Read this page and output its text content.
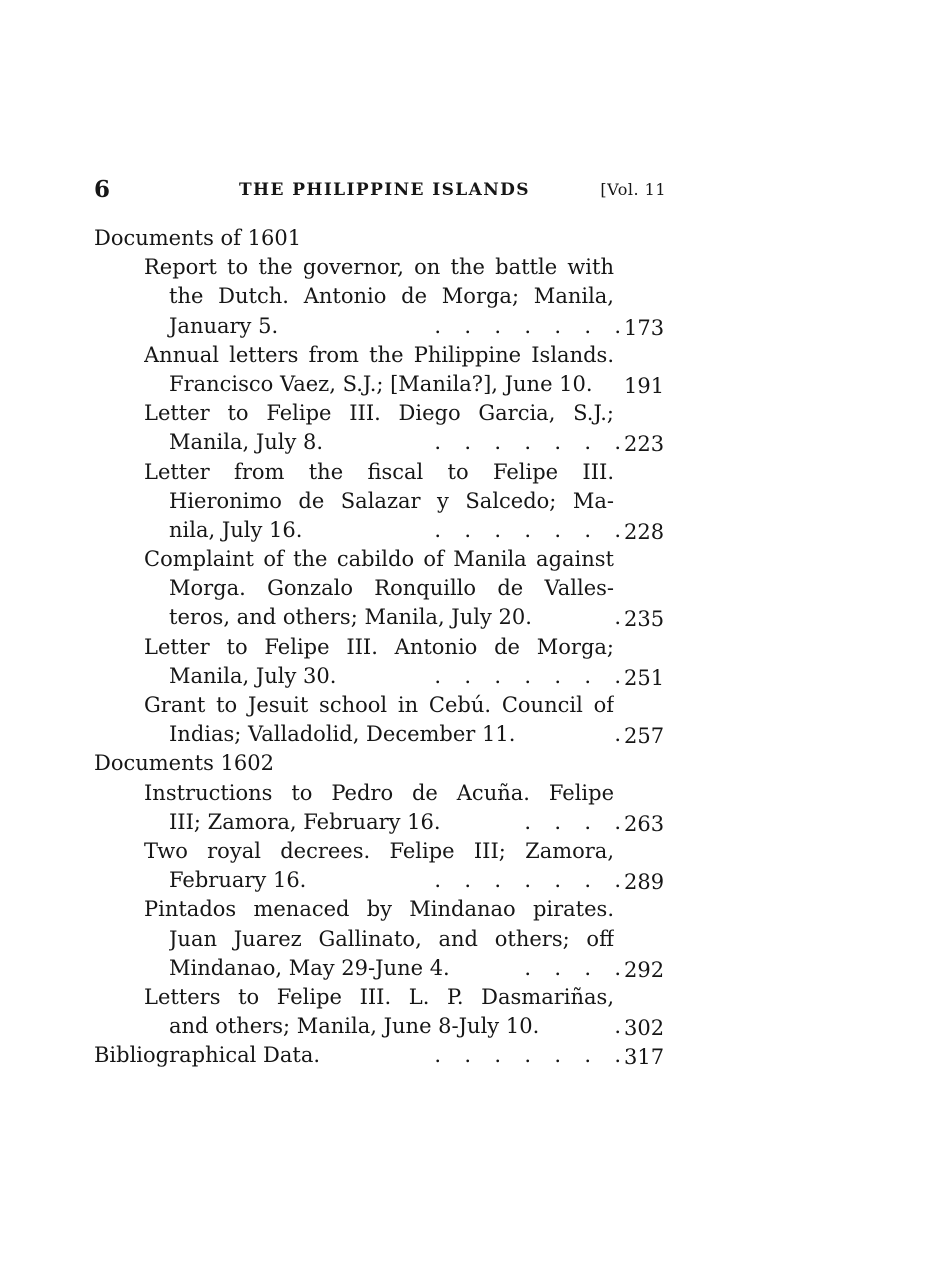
6	THE PHILIPPINE ISLANDS	[Vol. 11
Documents of 1601
Report to the governor, on the battle with
the Dutch. Antonio de Morga; Manila,
January 5.	. . . . . . . 173
Annual letters from the Philippine Islands.
Francisco Vaez, S.J.; [Manila?], June 10. 191
Letter to Felipe III. Diego Garcia, S.J.;
Manila, July 8.	. . . . . . . 223
Letter from the fiscal to Felipe III.
Hieronimo de Salazar y Salcedo; Ma-
nila, July 16.	. . . . . . . 228
Complaint of the cabildo of Manila against
Morga. Gonzalo Ronquillo de Valles-
teros, and others; Manila, July 20.	. 235
Letter to Felipe III. Antonio de Morga;
Manila, July 30.	. . . . . . . 251
Grant to Jesuit school in Cebú. Council of
Indias; Valladolid, December 11.	. 257
Documents 1602
Instructions to Pedro de Acuña. Felipe
III; Zamora, February 16.	. . . . 263
Two royal decrees. Felipe III; Zamora,
February 16.	. . . . . . . 289
Pintados menaced by Mindanao pirates.
Juan Juarez Gallinato, and others; off
Mindanao, May 29-June 4.	. . . . 292
Letters to Felipe III. L. P. Dasmariñas,
and others; Manila, June 8-July 10.	. 302
Bibliographical Data.	. . . . . . . 317
